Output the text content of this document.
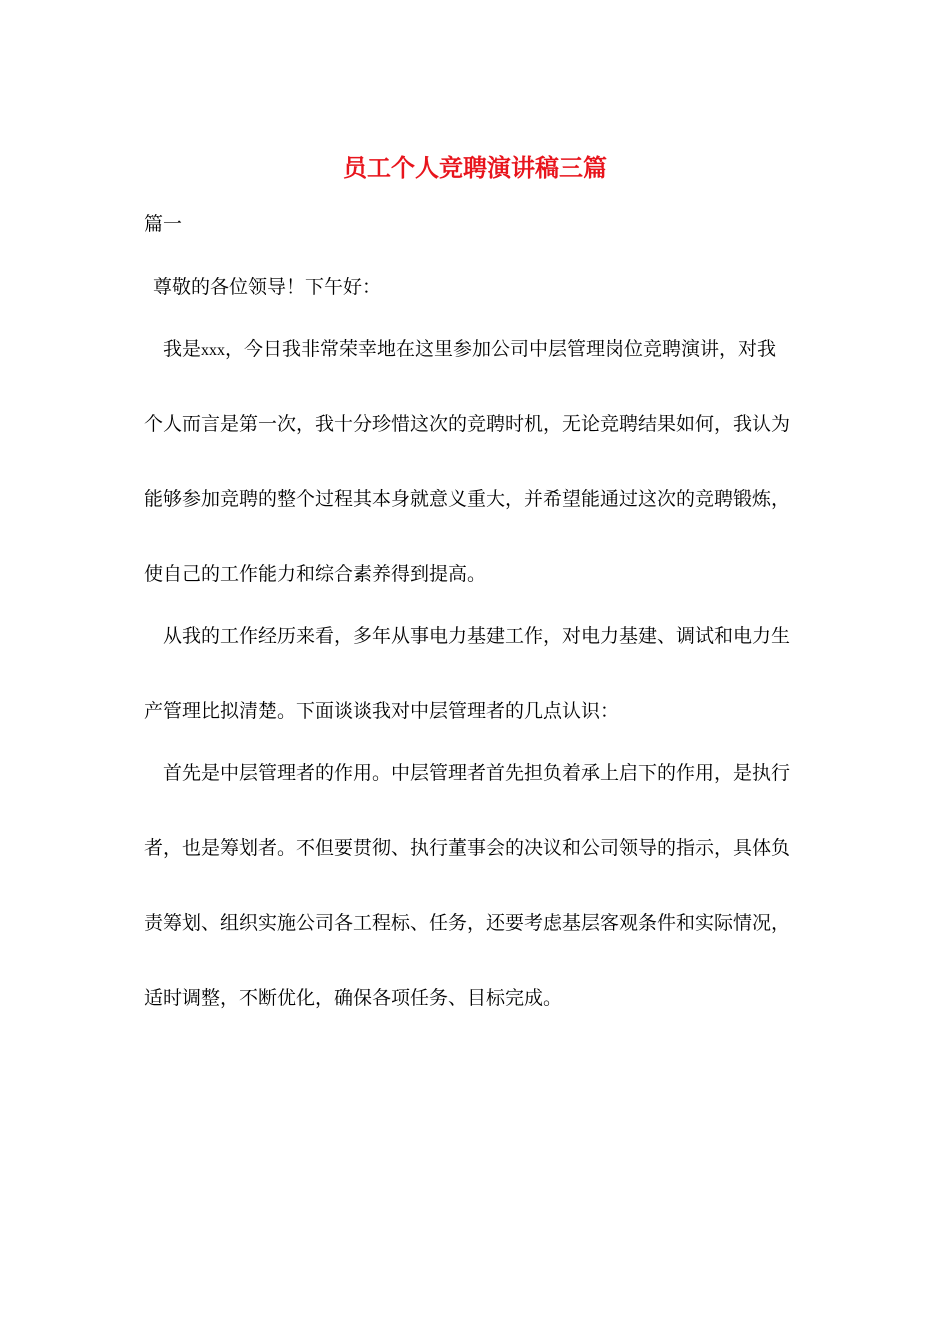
员工个人竞聘演讲稿三篇
篇一
尊敬的各位领导！下午好：
我是xxx，今日我非常荣幸地在这里参加公司中层管理岗位竞聘演讲，对我
个人而言是第一次，我十分珍惜这次的竞聘时机，无论竞聘结果如何，我认为
能够参加竞聘的整个过程其本身就意义重大，并希望能通过这次的竞聘锻炼，
使自己的工作能力和综合素养得到提高。
从我的工作经历来看，多年从事电力基建工作，对电力基建、调试和电力生
产管理比拟清楚。下面谈谈我对中层管理者的几点认识：
首先是中层管理者的作用。中层管理者首先担负着承上启下的作用，是执行
者，也是筹划者。不但要贯彻、执行董事会的决议和公司领导的指示，具体负
责筹划、组织实施公司各工程标、任务，还要考虑基层客观条件和实际情况，
适时调整，不断优化，确保各项任务、目标完成。
